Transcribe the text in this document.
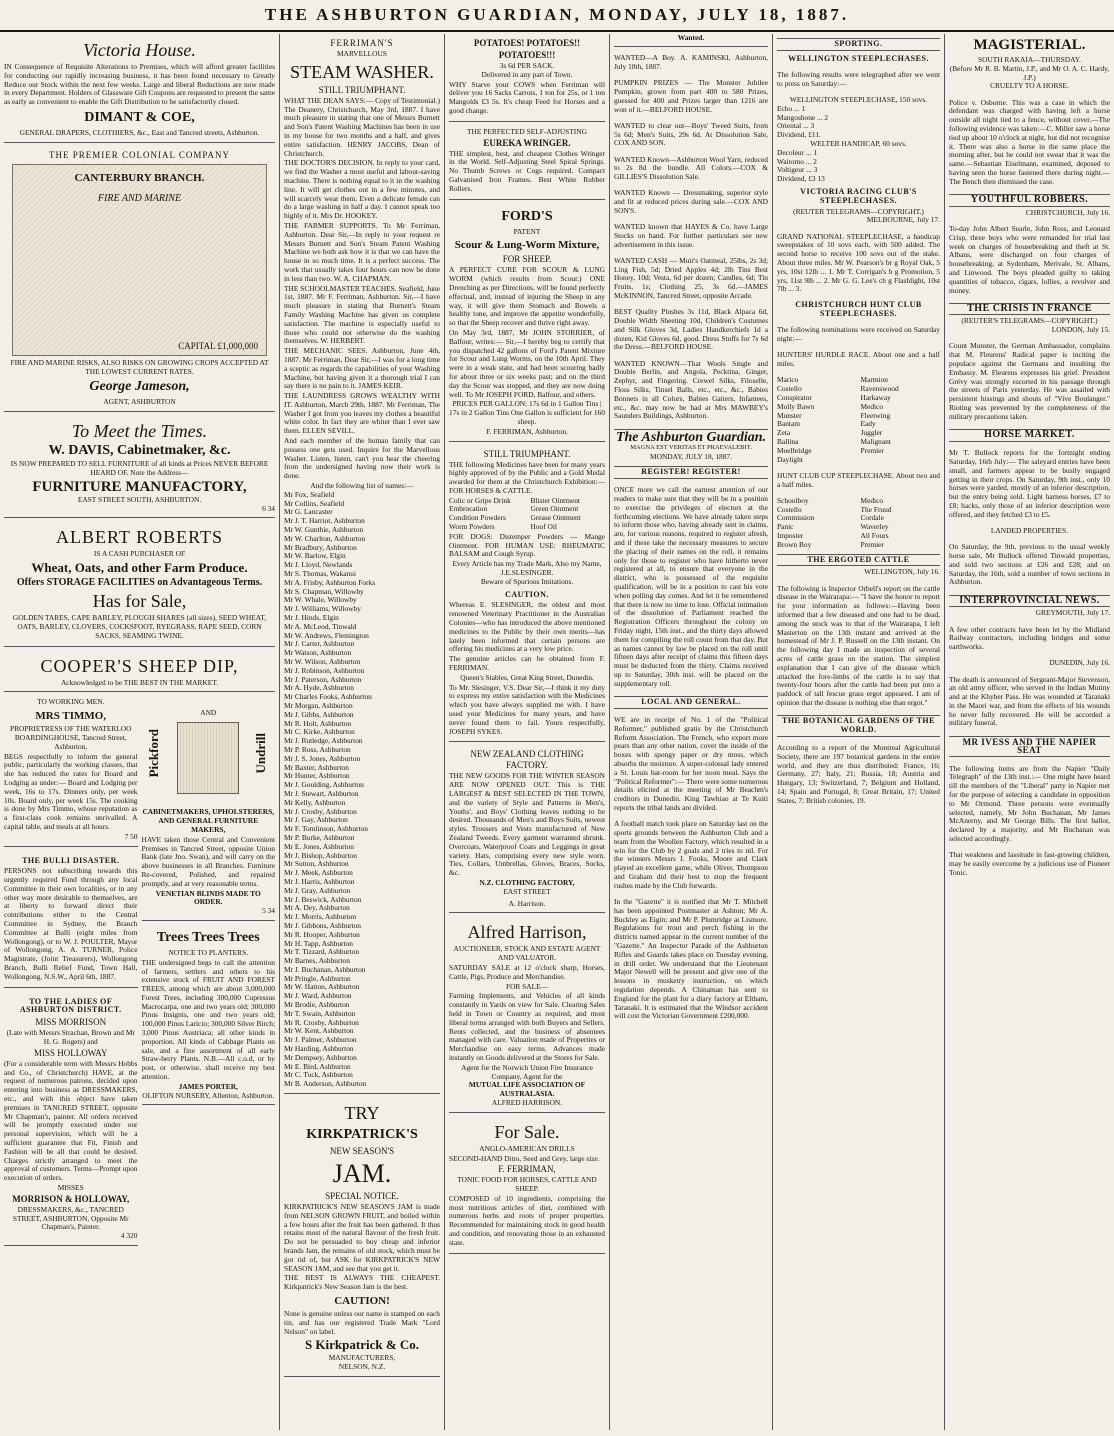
THE ASHBURTON GUARDIAN, MONDAY, JULY 18, 1887.
Victoria House.

IN Consequence of Requisite Alterations to Premises, which will afford greater facilities for conducting our rapidly increasing business, it has been found necessary to Greatly Reduce our Stock within the next few weeks. Large and liberal Reductions are now made in every Department. Holders of Glassware Gift Coupons are requested to present the same as early as convenient to enable the Gift Distribution to be satisfactorily closed.

DIMANT & COE,
GENERAL DRAPERS, CLOTHIERS, &c., East and Tancred streets, Ashburton.
THE PREMIER COLONIAL COMPANY
CANTERBURY BRANCH.
FIRE AND MARINE
CAPITAL £1,000,000
FIRE AND MARINE RISKS, ALSO RISKS ON GROWING CROPS ACCEPTED AT THE LOWEST CURRENT RATES.
George Jameson,
AGENT, ASHBURTON
To Meet the Times.
W. DAVIS, Cabinetmaker, &c.

IS NOW PREPARED TO SELL FURNITURE of all kinds at Prices NEVER BEFORE HEARD OF. Note the Address—

FURNITURE MANUFACTORY,
EAST STREET SOUTH, ASHBURTON.
6 34
ALBERT ROBERTS
IS A CASH PURCHASER OF
Wheat, Oats, and other Farm Produce.
Offers STORAGE FACILITIES on Advantageous Terms.
Has for Sale,

GOLDEN TARES, CAPE BARLEY, PLOUGH SHARES (all sizes), SEED WHEAT, OATS, BARLEY, CLOVERS, COCKSFOOT, RYEGRASS, RAPE SEED, CORN SACKS, SEAMING TWINE.

COOPER'S SHEEP DIP,
Acknowledged to be THE BEST IN THE MARKET.
TO WORKING MEN.
MRS TIMMO,
PROPRIETRESS OF THE WATERLOO BOARDINGHOUSE, Tancred Street, Ashburton,

BEGS respectfully to inform the general public, particularly the working classes, that she has reduced the rates for Board and Lodging as under:— Board and Lodging per week, 16s to 17s. Dinners only, per week 10s. Board only, per week 15s. The cooking is done by Mrs Timmo, whose reputation as a first-class cook remains unrivalled. A capital table, and meals at all hours.

7 50
THE BULLI DISASTER.

PERSONS not subscribing towards this urgently required Fund through any local Committee in their own localities, or in any other way more desirable to themselves, are at liberty to forward direct their contributions either to the Central Committee in Sydney, the Branch Committee at Bulli (eight miles from Wollongong), or to W. J. POULTER, Mayor of Wollongong, A. A. TURNER, Police Magistrate, (Joint Treasurers), Wollongong Branch, Bulli Relief Fund, Town Hall, Wollongong, N.S.W., April 6th, 1887.

TO THE LADIES OF ASHBURTON DISTRICT.
MISS MORRISON
(Late with Messrs Strachan, Brown and Mr H. G. Rogers) and
MISS HOLLOWAY

(For a considerable term with Messrs Hobbs and Co., of Christchurch) HAVE, at the request of numerous patrons, decided upon entering into business as DRESSMAKERS, etc., and with this object have taken premises in TANCRED STREET, opposite Mr Chapman's, painter. All orders received will be promptly executed under our personal supervision, which will be a sufficient guarantee that Fit, Finish and Fashion will be all that could be desired. Charges strictly arranged to meet the approval of customers. Terms—Prompt upon execution of orders.

MISSES
MORRISON & HOLLOWAY,
DRESSMAKERS, &c., TANCRED STREET, ASHBURTON, Opposite Mr Chapman's, Painter.
4 320
Pickford
AND
Undrill
CABINETMAKERS, UPHOLSTERERS, AND GENERAL FURNITURE MAKERS,

HAVE taken those Central and Convenient Premises in Tancred Street, opposite Union Bank (late Jno. Swan), and will carry on the above businesses in all Branches. Furniture Re-covered, Polished, and repaired promptly, and at very reasonable terms.

VENETIAN BLINDS MADE TO ORDER.
5 34
Trees Trees Trees
NOTICE TO PLANTERS.

THE undersigned begs to call the attention of farmers, settlers and others to his extensive stock of FRUIT AND FOREST TREES, among which are about 3,000,000 Forest Trees, including 300,000 Cupressus Macrocarpa, one and two years old; 300,000 Pinus Insignis, one and two years old; 100,000 Pinus Laricio; 300,000 Silver Birch; 3,000 Pinus Austriaca; all other kinds in proportion. All kinds of Cabbage Plants on sale, and a fine assortment of all early Straw-berry Plants. N.B.—All c.o.d. or by post, or otherwise, shall receive my best attention.

JAMES PORTER,
OLIFTON NURSERY, Allenton, Ashburton.
FERRIMAN'S
MARVELLOUS
STEAM WASHER.
STILL TRIUMPHANT.

WHAT THE DEAN SAYS:— Copy of Testimonial.) The Deanery, Christchurch, May 3rd, 1887. I have much pleasure in stating that one of Messrs Burnett and Son's Patent Washing Machines has been in use in my house for two months and a half, and gives entire satisfaction. HENRY JACOBS, Dean of Christchurch.

THE DOCTOR'S DECISION. In reply to your card, we find the Washer a most useful and labour-saving machine. There is nothing equal to it in the washing line. It will get clothes out in a few minutes, and will scarcely wear them. Even a delicate female can do a large washing in half a day. I cannot speak too highly of it. Mrs Dr. HOOKEY.

THE FARMER SUPPORTS. To Mr Ferriman, Ashburton. Dear Sir,—In reply to your request re Messrs Burnett and Son's Steam Patent Washing Machine we both ask how it is that we can have the house in so much time. It is a perfect success. The work that usually takes four hours can now be done in less than two. W. A. CHAPMAN.

THE SCHOOLMASTER TEACHES. Seafield, June 1st, 1887. Mr F. Ferriman, Ashburton. Sir,—I have much pleasure in stating that Burnett's Steam Family Washing Machine has given us complete satisfaction. The machine is especially useful to those who could not otherwise do the washing themselves. W. HERBERT.

THE MECHANIC SEES. Ashburton, June 4th, 1887. Mr Ferriman, Dear Sir,—I was for a long time a sceptic as regards the capabilities of your Washing Machine, but having given it a thorough trial I can say there is no pain to it. JAMES KEIR.

THE LAUNDRESS GROWS WEALTHY WITH IT. Ashburton, March 29th, 1887. Mr Ferriman, The Washer I got from you leaves my clothes a beautiful white color. In fact they are whiter than I ever saw them. ELLEN SEVILL.

And each member of the human family that can possess one gets used. Inquire for the Marvellous Washer. Listen, listen, can't you hear the cheering from the undersigned having now their work is done.

And the following list of names:—
Mr Fox, Seafield
Mr Collins, Seafield
Mr G. Lancaster
Mr J. T. Harriot, Ashburton
Mr W. Gunthie, Ashburton
Mr W. Charlton, Ashburton
Mr Bradbury, Ashburton
Mr W. Barlow, Elgin
Mr J. Lloyd, Newlands
Mr S. Thomas, Wakanui
Mr A. Frisby, Ashburton Forks
Mr S. Chapman, Willowby
Mr W. Whale, Willowby
Mr J. Williams, Willowby
Mr J. Hinds, Elgin
Mr A. McLeod, Tinwald
Mr W. Andrews, Flemington
Mr J. Carter, Ashburton
Mr Watson, Ashburton
Mr W. Wilson, Ashburton
Mr J. Robinson, Ashburton
Mr J. Paterson, Ashburton
Mr A. Hyde, Ashburton
Mr Charles Fooks, Ashburton
Mr Morgan, Ashburton
Mr J. Gibbs, Ashburton
Mr R. Holt, Ashburton
Mr C. Kirke, Ashburton
Mr J. Rutledge, Ashburton
Mr P. Ross, Ashburton
Mr J. S. Jones, Ashburton
Mr Baxter, Ashburton
Mr Hunter, Ashburton
Mr J. Goulding, Ashburton
Mr J. Stewart, Ashburton
Mr Kelly, Ashburton
Mr J. Crosby, Ashburton
Mr J. Gay, Ashburton
Mr F. Tomlinson, Ashburton
Mr P. Burke, Ashburton
Mr E. Jones, Ashburton
Mr J. Bishop, Ashburton
Mr Sutton, Ashburton
Mr J. Meek, Ashburton
Mr J. Harris, Ashburton
Mr J. Gray, Ashburton
Mr J. Beswick, Ashburton
Mr A. Dey, Ashburton
Mr J. Morris, Ashburton
Mr J. Gibbons, Ashburton
Mr R. Hooper, Ashburton
Mr H. Tapp, Ashburton
Mr T. Tizzard, Ashburton
Mr Barnes, Ashburton
Mr J. Buchanan, Ashburton
Mr Pringle, Ashburton
Mr W. Hatton, Ashburton
Mr J. Ward, Ashburton
Mr Brodie, Ashburton
Mr T. Swain, Ashburton
Mr R. Crosby, Ashburton
Mr W. Kent, Ashburton
Mr J. Palmer, Ashburton
Mr Harding, Ashburton
Mr Dempsey, Ashburton
Mr E. Bird, Ashburton
Mr C. Tuck, Ashburton
Mr B. Anderson, Ashburton
TRY
KIRKPATRICK'S
NEW SEASON'S
JAM.
SPECIAL NOTICE.

KIRKPATRICK'S NEW SEASON'S JAM is made from NELSON GROWN FRUIT, and boiled within a few hours after the fruit has been gathered. It thus retains most of the natural flavour of the fresh fruit. Do not be persuaded to buy cheap and inferior brands Jam, the remains of old stock, which must be got rid of, but ASK for KIRKPATRICK'S NEW SEASON JAM, and see that you get it.

THE BEST IS ALWAYS THE CHEAPEST. Kirkpatrick's New Season Jam is the best.

CAUTION!

None is genuine unless our name is stamped on each tin, and has our registered Trade Mark "Lord Nelson" on label.

S Kirkpatrick & Co.
MANUFACTURERS,
NELSON, N.Z.
POTATOES! POTATOES!!
POTATOES!!!
3s 6d PER SACK.
Delivered in any part of Town.

WHY Starve your COWS when Ferriman will deliver you 16 Sacks Carrots, 1 ton for 25s, or 1 ton Mangolds £3 5s. It's cheap Feed for Horses and a good change.

THE PERFECTED SELF-ADJUSTING
EUREKA WRINGER.

THE simplest, best, and cheapest Clothes Wringer in the World. Self-Adjusting Steel Spiral Springs. No Thumb Screws or Cogs required. Compact Galvanised Iron Frames. Best White Rubber Rollers.

FORD'S
PATENT
Scour & Lung-Worm Mixture,
FOR SHEEP.

A PERFECT CURE FOR SCOUR & LUNG WORM (which results from Scour.) ONE Drenching as per Directions, will be found perfectly effectual, and, instead of injuring the Sheep in any way, it will give them Stomach and Bowels a healthy tone, and improve the appetite wonderfully, so that the Sheep recover and thrive right away.

On May 3rd, 1887, Mr JOHN STORRIER, of Balfour, writes:— Sir,—I hereby beg to certify that you dispatched 42 gallons of Ford's Patent Mixture for Scour and Lung Worms, on the 10th April. They were in a weak state, and had been scouring badly for about three or six weeks past; and on the third day the Scour was stopped, and they are now doing well. To Mr JOSEPH FORD, Balfour, and others.

PRICES PER GALLON: 17s 6d in 1 Gallon Tins | 17s in 2 Gallon Tins One Gallon is sufficient for 160 sheep.

F. FERRIMAN, Ashburton.
STILL TRIUMPHANT.

THE following Medicines have been for many years highly approved of by the Public and a Gold Medal awarded for them at the Christchurch Exhibition:— FOR HORSES & CATTLE.

Colic or Gripe Drink
Embrocation
Condition Powders
Worm Powders
Blister Ointment
Green Ointment
Grease Ointment
Hoof Oil

FOR DOGS: Distemper Powders — Mange Ointment. FOR HUMAN USE: RHEUMATIC BALSAM and Cough Syrup.

Every Article has my Trade Mark, Also my Name, J.E.SLESINGER.
Beware of Spurious Imitations.
CAUTION.

Whereas E. SLESINGER, the oldest and most renowned Veterinary Practitioner in the Australian Colonies—who has introduced the above mentioned medicines to the Public by their own merits—has lately been informed that certain persons are offering his medicines at a very low price.

The genuine articles can be obtained from F. FERRIMAN.

Queen's Stables, Great King Street, Dunedin.

To Mr. Slesinger, V.S. Dear Sir,—I think it my duty to express my entire satisfaction with the Medicines which you have always supplied me with. I have used your Medicines for many years, and have never found them to fail. Yours respectfully, JOSEPH SYKES.

NEW ZEALAND CLOTHING FACTORY.

THE NEW GOODS FOR THE WINTER SEASON ARE NOW OPENED OUT. This is THE LARGEST & BEST SELECTED IN THE TOWN, and the variety of Style and Patterns in Men's, Youths', and Boys' Clothing leaves nothing to be desired. Thousands of Men's and Boys Suits, newest styles. Trousers and Vests manufactured of New Zealand Tweeds. Every garment warranted shrunk. Overcoats, Waterproof Coats and Leggings in great variety. Hats, comprising every new style worn. Ties, Collars, Umbrellas, Gloves, Braces, Socks, &c.

N.Z. CLOTHING FACTORY,
EAST STREET
A. Harrison.
Alfred Harrison,
AUCTIONEER, STOCK AND ESTATE AGENT AND VALUATOR.

SATURDAY SALE at 12 o'clock sharp, Horses, Cattle, Pigs, Produce and Merchandise.

FOR SALE—

Farming Implements, and Vehicles of all kinds constantly in Yards on view for Sale. Clearing Sales held in Town or Country as required, and most liberal terms arranged with both Buyers and Sellers. Rents collected, and the business of absentees managed with care. Valuation made of Properties or Merchandise on easy terms. Advances made instantly on Goods delivered at the Stores for Sale.

Agent for the Norwich Union Fire Insurance Company, Agent for the
MUTUAL LIFE ASSOCIATION OF AUSTRALASIA.
ALFRED HARRISON.
For Sale.
ANGLO-AMERICAN DRILLS

SECOND-HAND Ditto, Seed and Grey, large size.

F. FERRIMAN,
TONIC FOOD FOR HORSES, CATTLE AND SHEEP.

COMPOSED of 10 ingredients, comprising the most nutritious articles of diet, combined with numerous herbs and roots of proper properties. Recommended for maintaining stock in good health and condition, and renovating those in an exhausted state.

Wanted.

WANTED—A Boy. A. KAMINSKI, Ashburton, July 18th, 1887.

PUMPKIN PRIZES — The Monster Jubilee Pumpkin, grown from part 400 to 580 Prizes, guessed for 400 and Prizes larger than 1216 are won of it.—BELFORD HOUSE.

WANTED to clear out—Boys' Tweed Suits, from 5s 6d; Men's Suits, 29s 6d. At Dissolution Sale, COX AND SON.

WANTED Known—Ashburton Wool Yarn, reduced to 2s 8d the bundle. All Colors.—COX & GILLIES'S Dissolution Sale.

WANTED Known — Dressmaking, superior style and fit at reduced prices during sale.—COX AND SON'S.

WANTED known that HAYES & Co. have Large Stocks on hand. For further particulars see new advertisement in this issue.

WANTED CASH — Muir's Oatmeal, 25lbs, 2s 3d; Ling Fish, 5d; Dried Apples 4d; 2lb Tins Best Honey, 10d; Vesta, 6d per dozen; Candles, 6d; Tin Fruits, 1s; Clothing 25, 3s 6d.—JAMES McKINNON, Tancred Street, opposite Arcade.

BEST Quality Plushes 3s 11d, Black Alpaca 6d, Double Width Sheeting 10d, Children's Costumes and Silk Gloves 3d, Ladies Handkerchiefs 1d a dozen, Kid Gloves 6d, good. Dress Stuffs for 7s 6d the Dress.—BELFORD HOUSE.

WANTED KNOWN—That Wools Single and Double Berlin, and Angola, Pecktina, Ginger, Zephyr, and Fingering. Crewel Silks, Filoselle, Floss Silks, Tinsel Balls, etc., etc., &c., Babies Bonnets in all Colors, Babies Gaiters, Infantees, etc., &c. may now be had at Mrs MAWBEY's Saunders Buildings, Ashburton.

The Ashburton Guardian.
MAGNA EST VERITAS ET PRAEVALEBIT.
MONDAY, JULY 18, 1887.
REGISTER! REGISTER!

ONCE more we call the earnest attention of our readers to make sure that they will be in a position to exercise the privileges of electors at the forthcoming elections. We have already taken steps to inform those who, having already sent in claims, are, for various reasons, required to register afresh, and if these take the necessary measures to secure the placing of their names on the roll, it remains only for those to register who have hitherto never registered at all, to ensure that everyone in the district, who is possessed of the requisite qualification, will be in a position to cast his vote when polling day comes. And let it be remembered that there is now no time to lose. Official intimation of the dissolution of Parliament reached the Registration Officers throughout the colony on Friday night, 15th inst., and the thirty days allowed them for compiling the roll count from that day. But as names cannot by law be placed on the roll until fifteen days after receipt of claims this fifteen days must be deducted from the thirty. Claims received up to Saturday, 30th inst. will be placed on the supplementary roll.

LOCAL AND GENERAL.

WE are in receipt of No. 1 of the "Political Reformer," published gratis by the Christchurch Reform Association. The French, who export more pears than any other nation, cover the inside of the boxes with spongy paper or dry moss, which absorbs the moisture. A super-colossal lady entered a St. Louis bar-room for her noon meal. Says the "Political Reformer":— There were some numerous details elicited at the meeting of Mr Beachm's creditors in Dunedin. King Tawhiao at Te Kuiti reports the tribal lands are divided.

A football match took place on Saturday last on the sports grounds between the Ashburton Club and a team from the Woollen Factory, which resulted in a win for the Club by 2 goals and 2 tries to nil. For the winners Messrs J. Fooks, Moore and Clark played an excellent game, while Oliver, Thompson and Graham did their best to stop the frequent rushes made by the Club forwards.

In the "Gazette" it is notified that Mr T. Mitchell has been appointed Postmaster at Ashton; Mr A. Buckley as Eigin; and Mr P. Plumridge at Lismore. Regulations for trout and perch fishing in the districts named appear in the current number of the "Gazette." An Inspector Parade of the Ashburton Rifles and Guards takes place on Tuesday evening, in drill order. We understand that the Lieutenant Major Newell will be present and give one of the lessons in musketry instruction, on which regulation depends. A Chinaman has sent to England for the plant for a diary factory at Eltham, Taranaki. It is estimated that the Windsor accident will cost the Victorian Government £200,000.

SPORTING.
WELLINGTON STEEPLECHASES.

The following results were telegraphed after we went to press on Saturday:—

WELLINGTON STEEPLECHASE, 150 sovs.
Echo ... 1
Mangoshone ... 2
Oriental ... 3
Dividend, £11.
WELTER HANDICAP, 60 sovs.
Decoleur ... 1
Waitomo ... 2
Voltigeur ... 3
Dividend, £3 13
VICTORIA RACING CLUB'S STEEPLECHASES.
(REUTER TELEGRAMS—COPYRIGHT.)
MELBOURNE, July 17.

GRAND NATIONAL STEEPLECHASE, a handicap sweepstakes of 10 sovs each, with 500 added. The second horse to receive 100 sovs out of the stake. About three miles. Mr W. Pearson's br g Royal Oak, 5 yrs, 10st 12lb ... 1. Mr T. Corrigan's b g Promotion, 5 yrs, 11st 9lb ... 2. Mr G. G. Lee's ch g Flashlight, 10st 7lb ... 3.

CHRISTCHURCH HUNT CLUB STEEPLECHASES.

The following nominations were received on Saturday night:—

HUNTERS' HURDLE RACE. About one and a half miles.

Marico
Costello
Conspirator
Molly Bawn
Munster
Bantam
Zeta
Ballina
Moelbridge
Daylight
Marmion
Ravenswood
Harkaway
Medico
Fleetwing
Eady
Juggler
Malignant
Premier

HUNT CLUB CUP STEEPLECHASE. About two and a half miles.

Schoolboy
Costello
Commission
Panic
Imposter
Brown Boy
Medico
The Fruud
Cordale
Waverley
All Fours
Premier
THE ERGOTED CATTLE
WELLINGTON, July 16.

The following is Inspector Orbell's report on the cattle disease in the Wairarapa:— "I have the honor to report for your information as follows:—Having been informed that a few diseased and one had to be dead, among the stock was to that of the Wairarapa, I left Masterton on the 13th instant and arrived at the homestead of Mr J. P. Russell on the 13th instant. On the following day I made an inspection of several acres of cattle grass on the station. The simplest explanation that I can give of the disease which attacked the fore-limbs of the cattle is to say that twenty-four hours after the cattle had been put into a paddock of tall fescue grass ergot appeared. I am of opinion that the disease is nothing else than ergot."

THE BOTANICAL GARDENS OF THE WORLD.

According to a report of the Montreal Agricultural Society, there are 197 botanical gardens in the entire world, and they are thus distributed: France, 16; Germany, 27; Italy, 21; Russia, 18; Austria and Hungary, 13; Switzerland, 7; Belgium and Holland, 14; Spain and Portugal, 8; Great Britain, 17; United States, 7; British colonies, 19.

MAGISTERIAL.
SOUTH RAKAIA—THURSDAY.
(Before Mr R. B. Martin, J.P., and Mr O. A. C. Hardy, J.P.)
CRUELTY TO A HORSE.

Police v. Osborne. This was a case in which the defendant was charged with having left a horse outside all night tied to a fence, without cover.—The following evidence was taken:—C. Miller saw a horse tied up about 10 o'clock at night, but did not recognise it. There was also a horse in the same place the morning after, but he could not swear that it was the same.—Sebastian Eiselmann, examined, deposed to having seen the horse fastened there during night.—The Bench then dismissed the case.

YOUTHFUL ROBBERS.
CHRISTCHURCH, July 16.

To-day John Albert Searle, John Ross, and Leonard Crisp, three boys who were remanded for trial last week on charges of housebreaking and theft at St. Albans, were discharged on four charges of housebreaking, at Sydenham, Merivale, St. Albans, and Linwood. The boys pleaded guilty to taking quantities of tobacco, cigars, lollies, a revolver and money.

THE CRISIS IN FRANCE
(REUTER'S TELEGRAMS—COPYRIGHT.)
LONDON, July 15.

Count Munster, the German Ambassador, complains that M. Fleurens' Radical paper is inciting the populace against the Germans and insulting the Embassy. M. Fleurens expresses his grief. President Grévy was strongly escorted in his passage through the streets of Paris yesterday. He was assailed with persistent hissings and shouts of "Vive Boulanger." Rioting was prevented by the completeness of the military precautions taken.

HORSE MARKET.

Mr T. Bullock reports for the fortnight ending Saturday, 16th July:— The saleyard entries have been small, and farmers appear to be busily engaged getting in their crops. On Saturday, 9th inst., only 10 horses were yarded, mostly of an inferior description, but the entry being sold. Light harness horses, £7 to £8; hacks, only those of an inferior description were offered, and they fetched £3 to £5.

LANDED PROPERTIES.

On Saturday, the 9th, previous to the usual weekly horse sale, Mr Bullock offered Tinwald properties, and sold two sections at £26 and £28; and on Saturday, the 16th, sold a number of town sections in Ashburton.

INTERPROVINCIAL NEWS.
GREYMOUTH, July 17.

A few other contracts have been let by the Midland Railway contractors, including bridges and some earthworks.

DUNEDIN, July 16.

The death is announced of Sergeant-Major Stevenson, an old army officer, who served in the Indian Mutiny and at the Khyber Pass. He was wounded at Taranaki in the Maori war, and from the effects of his wounds he never fully recovered. He will be accorded a military funeral.

MR IVESS AND THE NAPIER SEAT

The following items are from the Napier "Daily Telegraph" of the 13th inst.:— One might have heard till the members of the "Liberal" party in Napier met for the purpose of selecting a candidate in opposition to Mr Ormond. Three persons were eventually selected, namely, Mr John Buchanan, Mr James McAnerny, and Mr George Bills. The first ballot, declared by a majority, and Mr Buchanan was selected accordingly.

That weakness and lassitude in fast-growing children, may be easily overcome by a judicious use of Pioneer Tonic.
